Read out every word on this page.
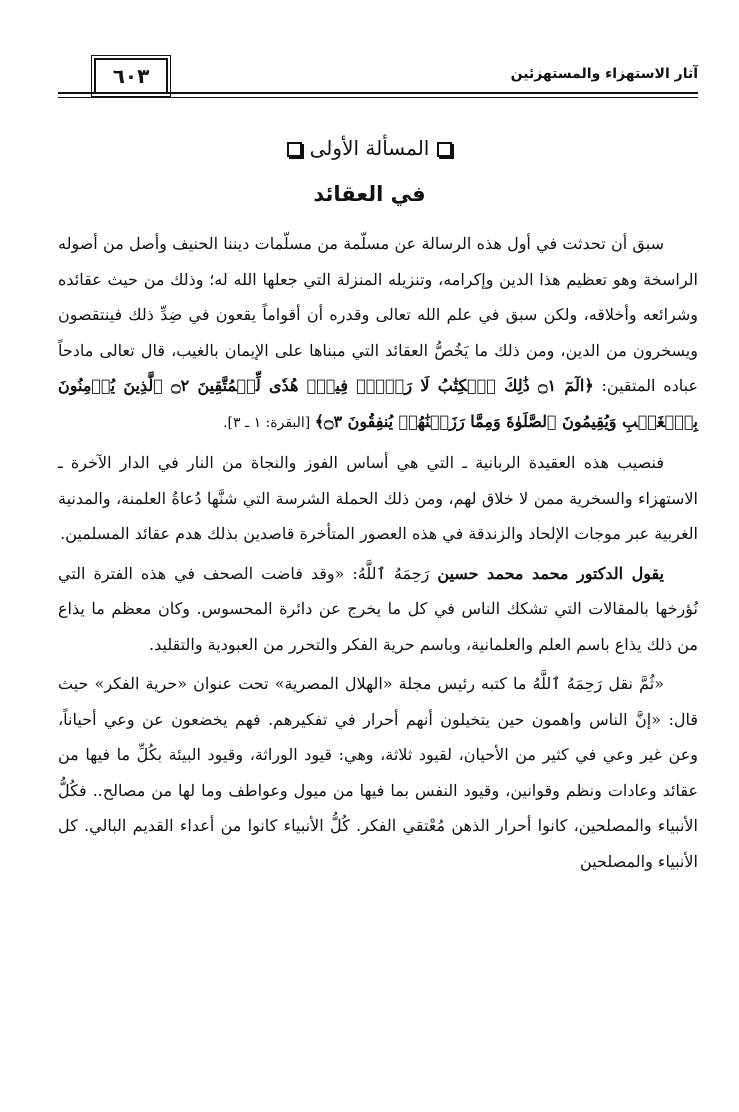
آثار الاستهزاء والمستهزئين
٦٠٣
المسألة الأولى
في العقائد

سبق أن تحدثت في أول هذه الرسالة عن مسلّمة من مسلّمات ديننا الحنيف وأصل من أصوله الراسخة وهو تعظيم هذا الدين وإكرامه، وتنزيله المنزلة التي جعلها الله له؛ وذلك من حيث عقائده وشرائعه وأخلاقه، ولكن سبق في علم الله تعالى وقدره أن أقواماً يقعون في ضِدِّ ذلك فينتقصون ويسخرون من الدين، ومن ذلك ما يَخُصُّ العقائد التي مبناها على الإيمان بالغيب، قال تعالى مادحاً عباده المتقين: ﴿الٓمٓ ۝١ ذَٰلِكَ ٱلۡكِتَٰبُ لَا رَيۡبَۛ فِيهِۛ هُدٗى لِّلۡمُتَّقِينَ ۝٢ ٱلَّذِينَ يُؤۡمِنُونَ بِٱلۡغَيۡبِ وَيُقِيمُونَ ٱلصَّلَوٰةَ وَمِمَّا رَزَقۡنَٰهُمۡ يُنفِقُونَ ۝٣﴾ [البقرة: ١ ـ ٣].

فنصيب هذه العقيدة الربانية ـ التي هي أساس الفوز والنجاة من النار في الدار الآخرة ـ الاستهزاء والسخرية ممن لا خلاق لهم، ومن ذلك الحملة الشرسة التي شنَّها دُعاةُ العلمنة، والمدنية الغربية عبر موجات الإلحاد والزندقة في هذه العصور المتأخرة قاصدين بذلك هدم عقائد المسلمين.

يقول الدكتور محمد محمد حسين رَحِمَهُ ٱللَّهُ: «وقد فاضت الصحف في هذه الفترة التي نُؤرخها بالمقالات التي تشكك الناس في كل ما يخرج عن دائرة المحسوس. وكان معظم ما يذاع من ذلك يذاع باسم العلم والعلمانية، وباسم حرية الفكر والتحرر من العبودية والتقليد.

«ثُمَّ نقل رَحِمَهُ ٱللَّهُ ما كتبه رئيس مجلة «الهلال المصرية» تحت عنوان «حرية الفكر» حيث قال: «إنَّ الناس واهمون حين يتخيلون أنهم أحرار في تفكيرهم. فهم يخضعون عن وعي أحياناً، وعن غير وعي في كثير من الأحيان، لقيود ثلاثة، وهي: قيود الوراثة، وقيود البيئة بكُلِّ ما فيها من عقائد وعادات ونظم وقوانين، وقيود النفس بما فيها من ميول وعواطف وما لها من مصالح.. فكُلُّ الأنبياء والمصلحين، كانوا أحرار الذهن مُعْتقي الفكر. كُلُّ الأنبياء كانوا من أعداء القديم البالي. كل الأنبياء والمصلحين
